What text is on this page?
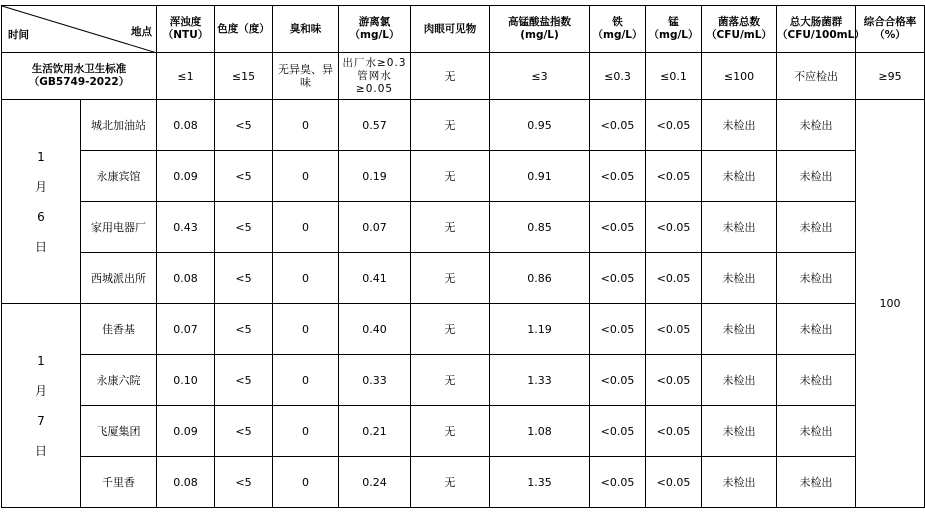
地点
时间		浑浊度（NTU）	色度（度）	臭和味	游离氯（mg/L）	肉眼可见物	高锰酸盐指数(mg/L)	铁（mg/L）	锰（mg/L）	菌落总数（CFU/mL）	总大肠菌群（CFU/100mL）	综合合格率（%）
生活饮用水卫生标准（GB5749-2022）		≤1	≤15	无异臭、异味	出厂水≥0.3 管网水≥0.05	无	≤3	≤0.3	≤0.1	≤100	不应检出	≥95

1
月
6
日	城北加油站	0.08	<5	0	0.57	无	0.95	<0.05	<0.05	未检出	未检出	100
	永康宾馆	0.09	<5	0	0.19	无	0.91	<0.05	<0.05	未检出	未检出	
	家用电器厂	0.43	<5	0	0.07	无	0.85	<0.05	<0.05	未检出	未检出	
	西城派出所	0.08	<5	0	0.41	无	0.86	<0.05	<0.05	未检出	未检出	

1
月
7
日	佳香基	0.07	<5	0	0.40	无	1.19	<0.05	<0.05	未检出	未检出	
	永康六院	0.10	<5	0	0.33	无	1.33	<0.05	<0.05	未检出	未检出	
	飞厦集团	0.09	<5	0	0.21	无	1.08	<0.05	<0.05	未检出	未检出	
	千里香	0.08	<5	0	0.24	无	1.35	<0.05	<0.05	未检出	未检出	
